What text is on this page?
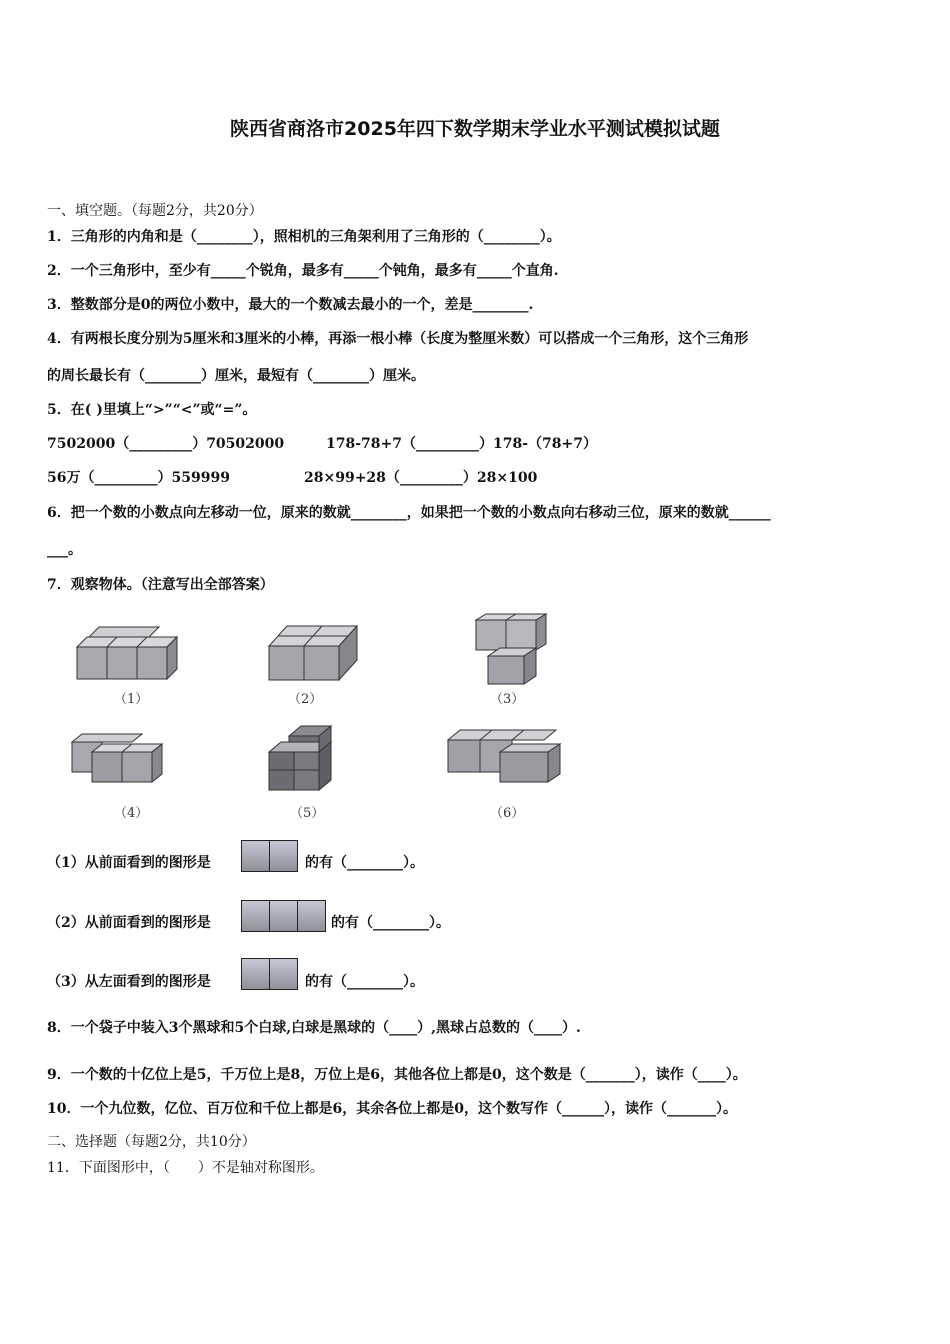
陕西省商洛市2025年四下数学期末学业水平测试模拟试题
一、填空题。（每题2分，共20分）
1．三角形的内角和是（________），照相机的三角架利用了三角形的（________）。
2．一个三角形中，至少有_____个锐角，最多有_____个钝角，最多有_____个直角.
3．整数部分是0的两位小数中，最大的一个数减去最小的一个，差是________.
4．有两根长度分别为5厘米和3厘米的小棒，再添一根小棒（长度为整厘米数）可以搭成一个三角形，这个三角形
的周长最长有（________）厘米，最短有（________）厘米。
5．在( )里填上“>”“<”或“=”。
7502000（_________）70502000	178-78+7（_________）178-（78+7）
56万（_________）559999	28×99+28（_________）28×100
6．把一个数的小数点向左移动一位，原来的数就________，如果把一个数的小数点向右移动三位，原来的数就______
___。
7．观察物体。（注意写出全部答案）
（1）	（2）	（3）
（4）	（5）	（6）
（1）从前面看到的图形是	的有（________）。
（2）从前面看到的图形是	的有（________）。
（3）从左面看到的图形是	的有（________）。
8．一个袋子中装入3个黑球和5个白球,白球是黑球的（____）,黑球占总数的（____）.
9．一个数的十亿位上是5，千万位上是8，万位上是6，其他各位上都是0，这个数是（_______），读作（____）。
10．一个九位数，亿位、百万位和千位上都是6，其余各位上都是0，这个数写作（______），读作（_______）。
二、选择题（每题2分，共10分）
11．下面图形中，（　　）不是轴对称图形。
